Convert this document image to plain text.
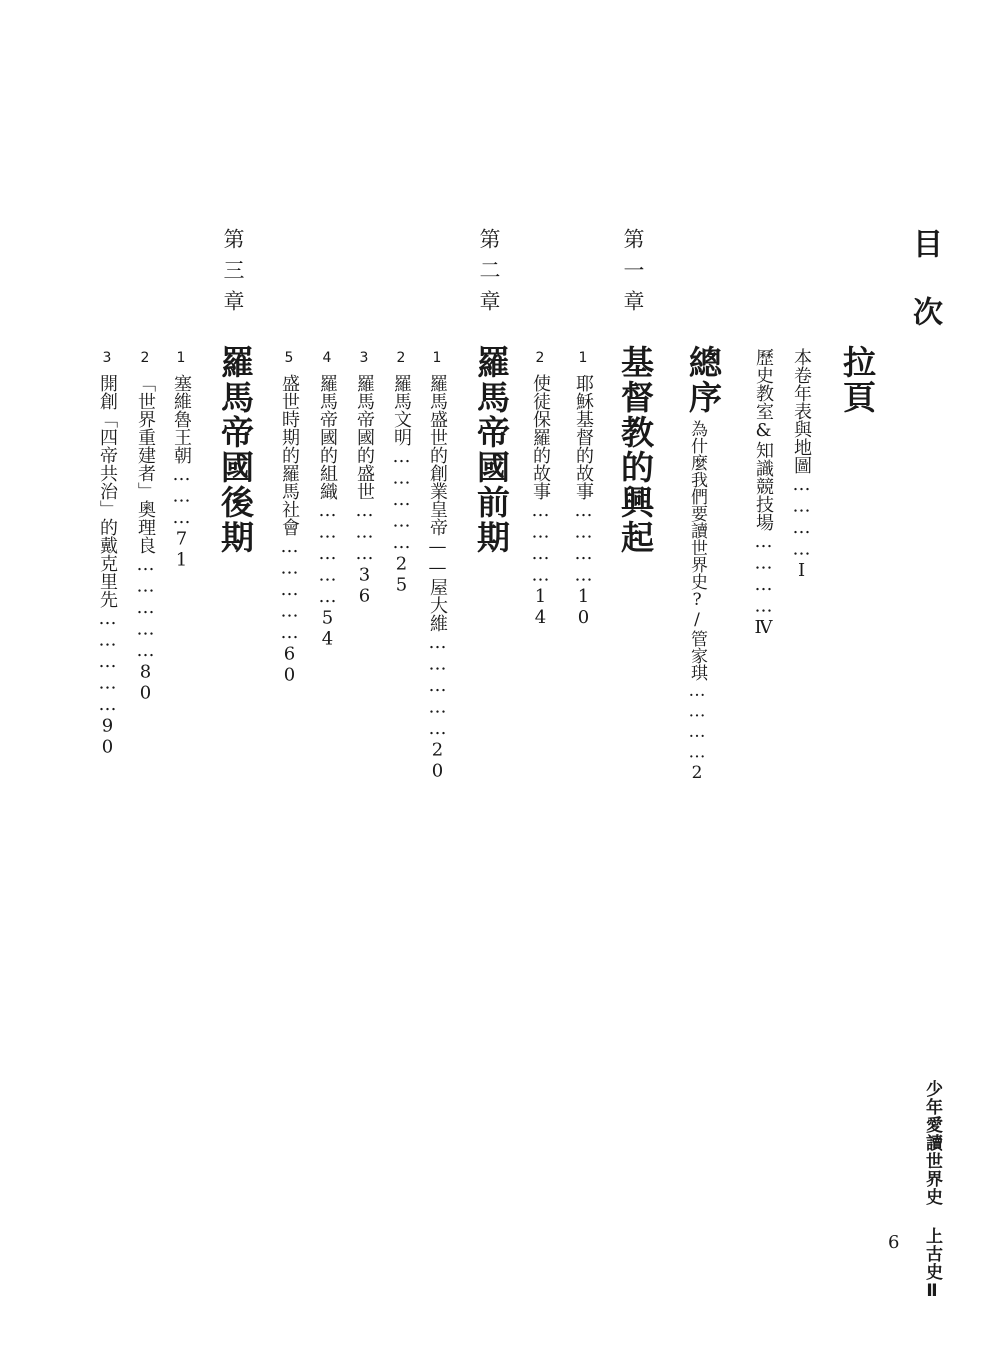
目次
拉頁
本卷年表與地圖…………Ⅰ
歷史教室&知識競技場…………Ⅳ
總序
為什麼我們要讀世界史?/管家琪…………2
第一章
基督教的興起
1耶穌基督的故事…………10
2使徒保羅的故事…………14
第二章
羅馬帝國前期
1羅馬盛世的創業皇帝——屋大維……………20
2羅馬文明……………25
3羅馬帝國的盛世………36
4羅馬帝國的組織……………54
5盛世時期的羅馬社會……………60
第三章
羅馬帝國後期
1塞維魯王朝………71
2「世界重建者」奧理良……………80
3開創「四帝共治」的戴克里先……………90
少年愛讀世界史 上古史Ⅱ
6
